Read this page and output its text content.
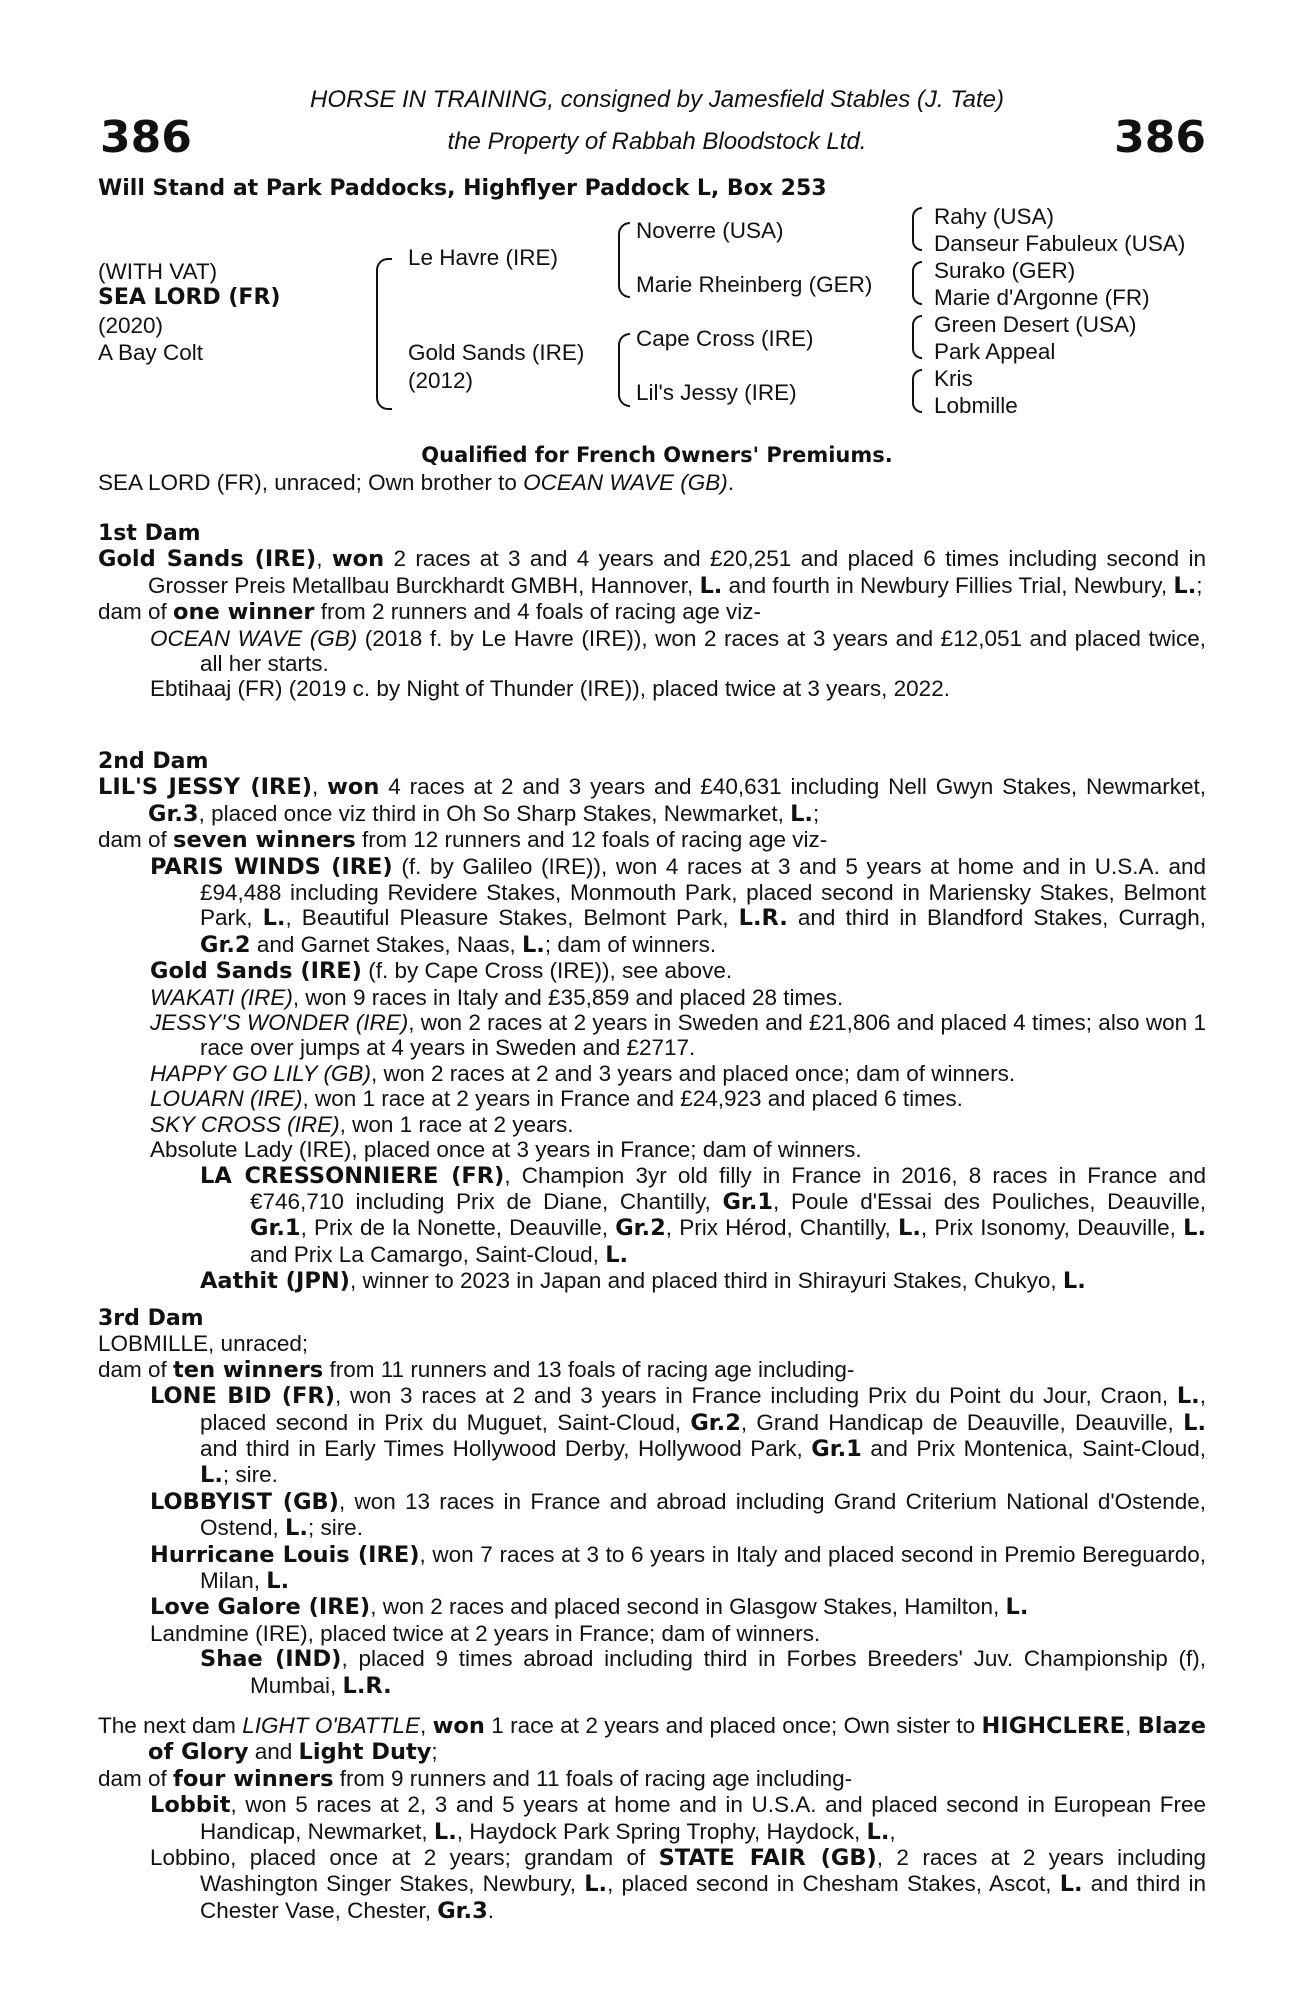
386	386
HORSE IN TRAINING, consigned by Jamesfield Stables (J. Tate)
the Property of Rabbah Bloodstock Ltd.
Will Stand at Park Paddocks, Highflyer Paddock L, Box 253
(WITH VAT)
SEA LORD (FR)
(2020)
A Bay Colt
Le Havre (IRE)
Gold Sands (IRE)
(2012)
Noverre (USA)
Marie Rheinberg (GER)
Cape Cross (IRE)
Lil's Jessy (IRE)
Rahy (USA)
Danseur Fabuleux (USA)
Surako (GER)
Marie d'Argonne (FR)
Green Desert (USA)
Park Appeal
Kris
Lobmille
Qualified for French Owners' Premiums.
SEA LORD (FR), unraced; Own brother to OCEAN WAVE (GB).

1st Dam

Gold Sands (IRE), won 2 races at 3 and 4 years and £20,251 and placed 6 times including second in Grosser Preis Metallbau Burckhardt GMBH, Hannover, L. and fourth in Newbury Fillies Trial, Newbury, L.;

dam of one winner from 2 runners and 4 foals of racing age viz-

OCEAN WAVE (GB) (2018 f. by Le Havre (IRE)), won 2 races at 3 years and £12,051 and placed twice, all her starts.

Ebtihaaj (FR) (2019 c. by Night of Thunder (IRE)), placed twice at 3 years, 2022.

2nd Dam

LIL'S JESSY (IRE), won 4 races at 2 and 3 years and £40,631 including Nell Gwyn Stakes, Newmarket, Gr.3, placed once viz third in Oh So Sharp Stakes, Newmarket, L.;

dam of seven winners from 12 runners and 12 foals of racing age viz-

PARIS WINDS (IRE) (f. by Galileo (IRE)), won 4 races at 3 and 5 years at home and in U.S.A. and £94,488 including Revidere Stakes, Monmouth Park, placed second in Mariensky Stakes, Belmont Park, L., Beautiful Pleasure Stakes, Belmont Park, L.R. and third in Blandford Stakes, Curragh, Gr.2 and Garnet Stakes, Naas, L.; dam of winners.

Gold Sands (IRE) (f. by Cape Cross (IRE)), see above.

WAKATI (IRE), won 9 races in Italy and £35,859 and placed 28 times.

JESSY'S WONDER (IRE), won 2 races at 2 years in Sweden and £21,806 and placed 4 times; also won 1 race over jumps at 4 years in Sweden and £2717.

HAPPY GO LILY (GB), won 2 races at 2 and 3 years and placed once; dam of winners.

LOUARN (IRE), won 1 race at 2 years in France and £24,923 and placed 6 times.

SKY CROSS (IRE), won 1 race at 2 years.

Absolute Lady (IRE), placed once at 3 years in France; dam of winners.

LA CRESSONNIERE (FR), Champion 3yr old filly in France in 2016, 8 races in France and €746,710 including Prix de Diane, Chantilly, Gr.1, Poule d'Essai des Pouliches, Deauville, Gr.1, Prix de la Nonette, Deauville, Gr.2, Prix Hérod, Chantilly, L., Prix Isonomy, Deauville, L. and Prix La Camargo, Saint-Cloud, L.

Aathit (JPN), winner to 2023 in Japan and placed third in Shirayuri Stakes, Chukyo, L.

3rd Dam

LOBMILLE, unraced;

dam of ten winners from 11 runners and 13 foals of racing age including-

LONE BID (FR), won 3 races at 2 and 3 years in France including Prix du Point du Jour, Craon, L., placed second in Prix du Muguet, Saint-Cloud, Gr.2, Grand Handicap de Deauville, Deauville, L. and third in Early Times Hollywood Derby, Hollywood Park, Gr.1 and Prix Montenica, Saint-Cloud, L.; sire.

LOBBYIST (GB), won 13 races in France and abroad including Grand Criterium National d'Ostende, Ostend, L.; sire.

Hurricane Louis (IRE), won 7 races at 3 to 6 years in Italy and placed second in Premio Bereguardo, Milan, L.

Love Galore (IRE), won 2 races and placed second in Glasgow Stakes, Hamilton, L.

Landmine (IRE), placed twice at 2 years in France; dam of winners.

Shae (IND), placed 9 times abroad including third in Forbes Breeders' Juv. Championship (f), Mumbai, L.R.

The next dam LIGHT O'BATTLE, won 1 race at 2 years and placed once; Own sister to HIGHCLERE, Blaze of Glory and Light Duty;

dam of four winners from 9 runners and 11 foals of racing age including-

Lobbit, won 5 races at 2, 3 and 5 years at home and in U.S.A. and placed second in European Free Handicap, Newmarket, L., Haydock Park Spring Trophy, Haydock, L.,

Lobbino, placed once at 2 years; grandam of STATE FAIR (GB), 2 races at 2 years including Washington Singer Stakes, Newbury, L., placed second in Chesham Stakes, Ascot, L. and third in Chester Vase, Chester, Gr.3.
